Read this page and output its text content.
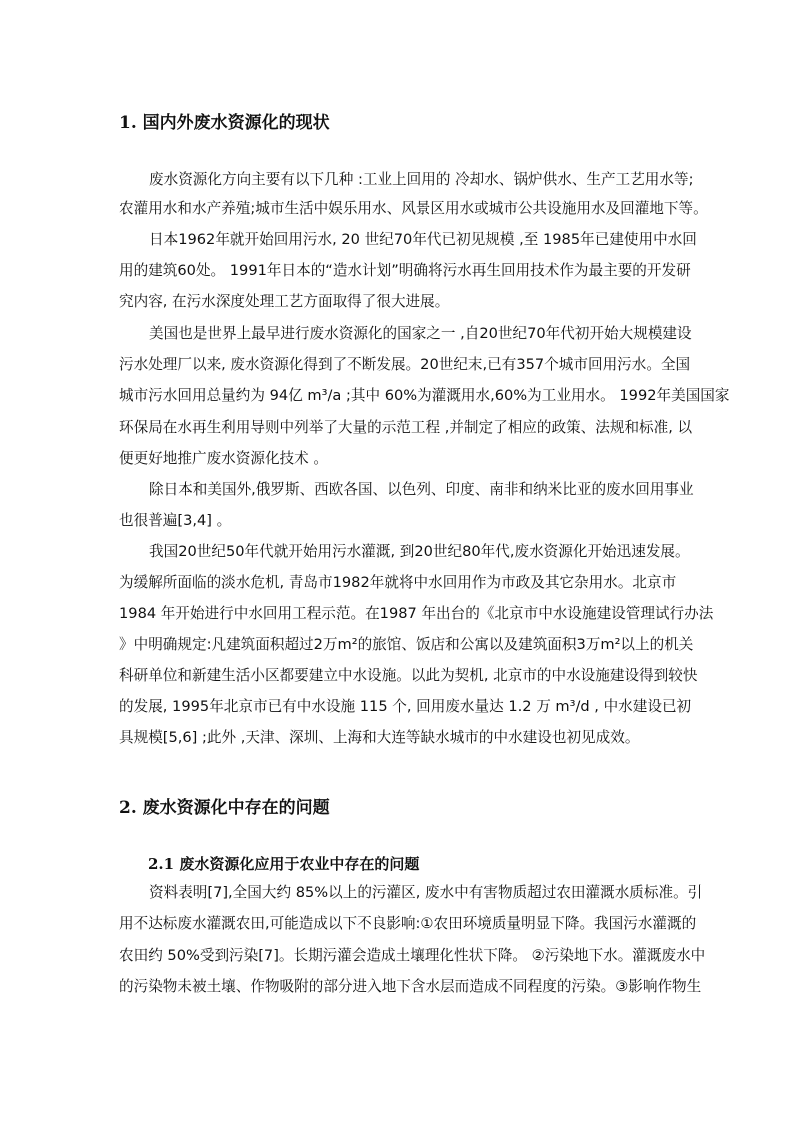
1. 国内外废水资源化的现状
废水资源化方向主要有以下几种 :工业上回用的 冷却水、锅炉供水、生产工艺用水等;
农灌用水和水产养殖;城市生活中娱乐用水、风景区用水或城市公共设施用水及回灌地下等。
日本1962年就开始回用污水, 20 世纪70年代已初见规模 ,至 1985年已建使用中水回
用的建筑60处。 1991年日本的“造水计划”明确将污水再生回用技术作为最主要的开发研
究内容, 在污水深度处理工艺方面取得了很大进展。
美国也是世界上最早进行废水资源化的国家之一 ,自20世纪70年代初开始大规模建设
污水处理厂以来, 废水资源化得到了不断发展。20世纪末,已有357个城市回用污水。全国
城市污水回用总量约为 94亿 m³/a ;其中 60%为灌溉用水,60%为工业用水。 1992年美国国家
环保局在水再生利用导则中列举了大量的示范工程 ,并制定了相应的政策、法规和标准, 以
便更好地推广废水资源化技术 。
除日本和美国外,俄罗斯、西欧各国、以色列、印度、南非和纳米比亚的废水回用事业
也很普遍[3,4] 。
我国20世纪50年代就开始用污水灌溉, 到20世纪80年代,废水资源化开始迅速发展。
为缓解所面临的淡水危机, 青岛市1982年就将中水回用作为市政及其它杂用水。北京市
1984 年开始进行中水回用工程示范。在1987 年出台的《北京市中水设施建设管理试行办法
》中明确规定:凡建筑面积超过2万m²的旅馆、饭店和公寓以及建筑面积3万m²以上的机关
科研单位和新建生活小区都要建立中水设施。以此为契机, 北京市的中水设施建设得到较快
的发展, 1995年北京市已有中水设施 115 个, 回用废水量达 1.2 万 m³/d , 中水建设已初
具规模[5,6] ;此外 ,天津、深圳、上海和大连等缺水城市的中水建设也初见成效。
2. 废水资源化中存在的问题
2.1 废水资源化应用于农业中存在的问题
资料表明[7],全国大约 85%以上的污灌区, 废水中有害物质超过农田灌溉水质标准。引
用不达标废水灌溉农田,可能造成以下不良影响:①农田环境质量明显下降。我国污水灌溉的
农田约 50%受到污染[7]。长期污灌会造成土壤理化性状下降。 ②污染地下水。灌溉废水中
的污染物未被土壤、作物吸附的部分进入地下含水层而造成不同程度的污染。③影响作物生
